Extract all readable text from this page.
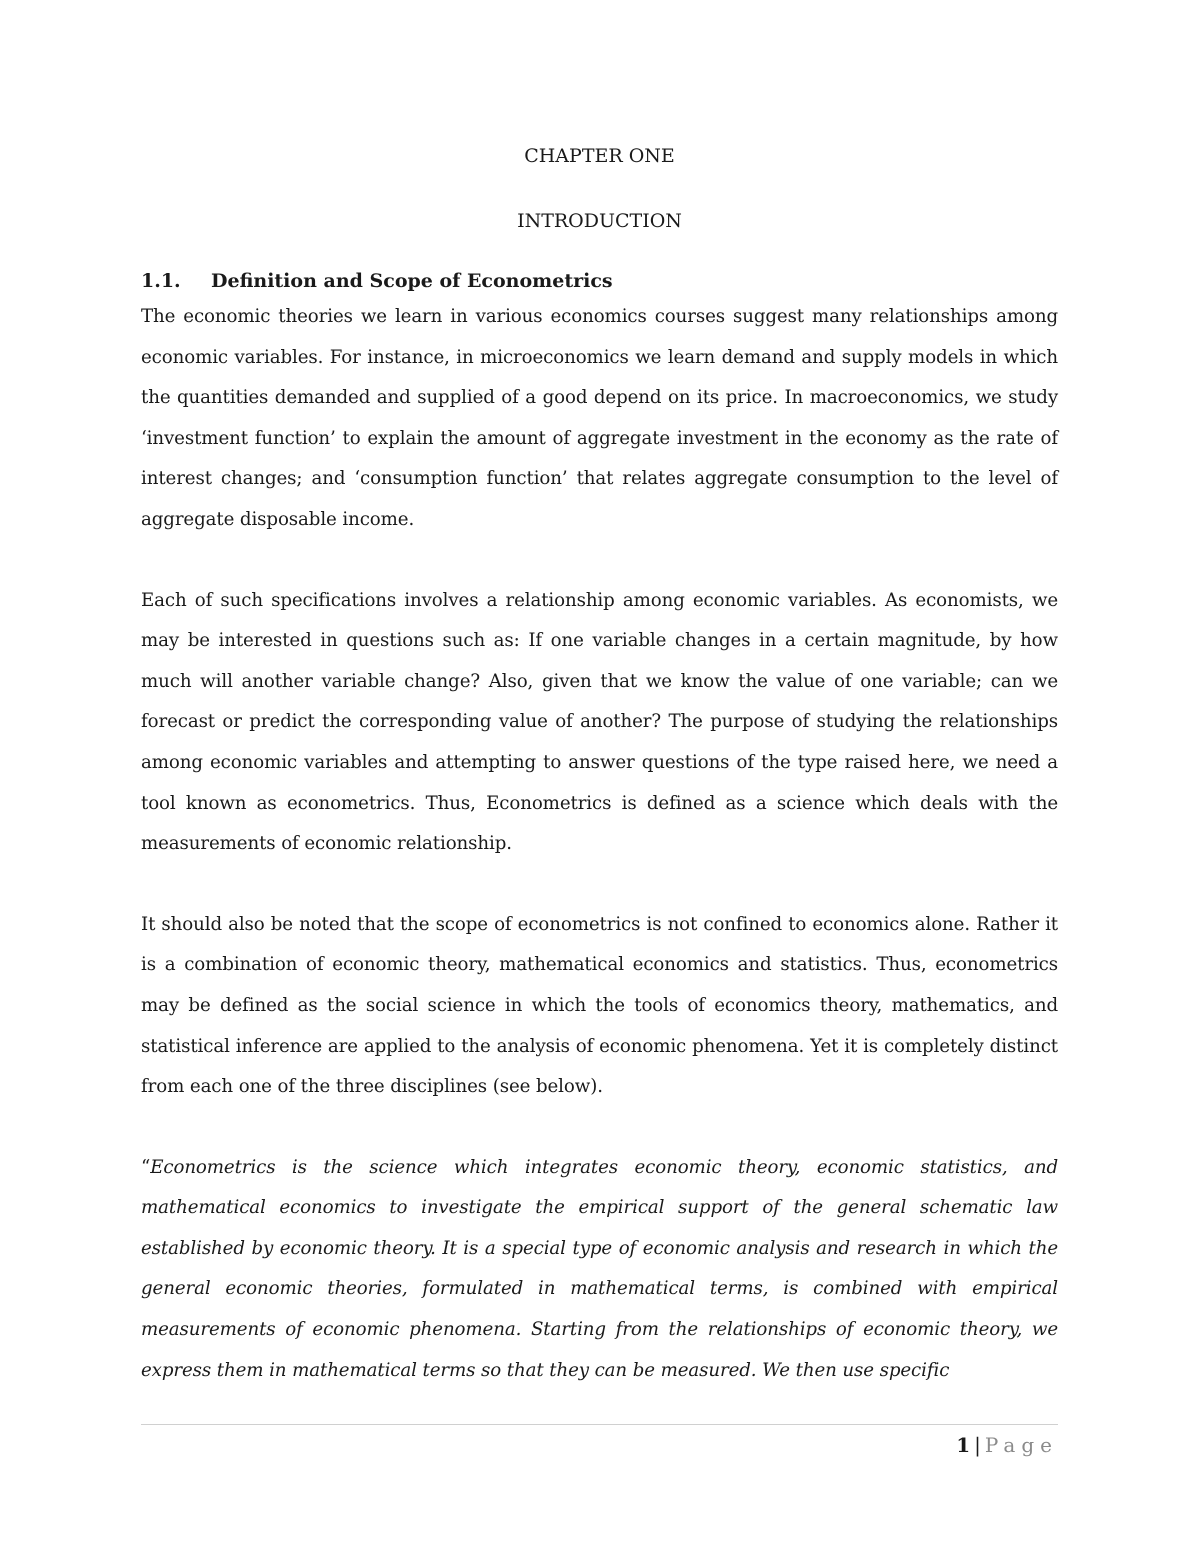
CHAPTER ONE

INTRODUCTION

1.1.	Definition and Scope of Econometrics

The economic theories we learn in various economics courses suggest many relationships among economic variables. For instance, in microeconomics we learn demand and supply models in which the quantities demanded and supplied of a good depend on its price. In macroeconomics, we study ‘investment function’ to explain the amount of aggregate investment in the economy as the rate of interest changes; and ‘consumption function’ that relates aggregate consumption to the level of aggregate disposable income.

Each of such specifications involves a relationship among economic variables. As economists, we may be interested in questions such as: If one variable changes in a certain magnitude, by how much will another variable change? Also, given that we know the value of one variable; can we forecast or predict the corresponding value of another? The purpose of studying the relationships among economic variables and attempting to answer questions of the type raised here, we need a tool known as econometrics. Thus, Econometrics is defined as a science which deals with the measurements of economic relationship.

It should also be noted that the scope of econometrics is not confined to economics alone. Rather it is a combination of economic theory, mathematical economics and statistics. Thus, econometrics may be defined as the social science in which the tools of economics theory, mathematics, and statistical inference are applied to the analysis of economic phenomena. Yet it is completely distinct from each one of the three disciplines (see below).

“Econometrics is the science which integrates economic theory, economic statistics, and mathematical economics to investigate the empirical support of the general schematic law established by economic theory. It is a special type of economic analysis and research in which the general economic theories, formulated in mathematical terms, is combined with empirical measurements of economic phenomena. Starting from the relationships of economic theory, we express them in mathematical terms so that they can be measured. We then use specific

1 | Page
